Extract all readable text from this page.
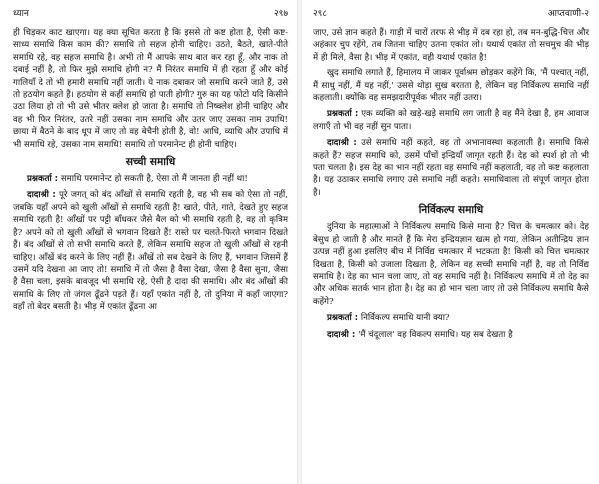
ध्यान	२९७

ही चिड़कर काट खाएगा। यह क्या सूचित करता है कि इससे तो कष्ट होता है, ऐसी कष्ट-साध्य समाधि किस काम की? समाधि तो सहज होनी चाहिए। उठते, बैठते, खाते-पीते समाधि रहे, वह सहज समाधि है। अभी तो मैं आपके साथ बात कर रहा हूँ, और नाक तो दबाई नहीं है, तो फिर मुझे समाधि होगी न? मैं निरंतर समाधि में ही रहता हूँ और कोई गालियाँ दे तो भी हमारी समाधि नहीं जाती। ये नाक दबाकर जो समाधि करने जाते हैं, उसे तो हठयोग कहते हैं। हठयोग से कहीं समाधि हो पाती होगी? गुरु का यह फोटो यदि किसीने उठा लिया हो तो भी उसे भीतर क्लेश हो जाता है। समाधि तो निष्क्लेश होनी चाहिए और वह भी फिर निरंतर, उतरे नहीं उसका नाम समाधि और उतर जाए उसका नाम उपाधि! छाया में बैठने के बाद धूप में जाए तो वह बेचैनी होती है, वो! आधि, व्याधि और उपाधि में भी समाधि रहे, उसका नाम समाधि! समाधि तो परमानेन्ट ही होनी चाहिए।

सच्ची समाधि

प्रश्नकर्ता : समाधि परमानेन्ट हो सकती है, ऐसा तो मैं जानता ही नहीं था!

दादाश्री : पूरे जगत् को बंद आँखों से समाधि रहती है, वह भी सब को ऐसा तो नहीं, जबकि यहाँ अपने को खुली आँखों से समाधि रहती है! खाते, पीते, गाते, देखते हुए सहज समाधि रहती है! आँखों पर पट्टी बाँधकर जैसे बैल को भी समाधि रहती है, वह तो कृत्रिम है? अपने को तो खुली आँखों से भगवान दिखते हैं! रास्ते पर चलते-फिरते भगवान दिखते हैं। बंद आँखों से तो सभी समाधि करते हैं, लेकिन समाधि सहज तो खुली आँखों से रहनी चाहिए। आँखें बंद करने के लिए नहीं हैं। आँखें तो सब देखने के लिए हैं, भगवान जिसमें हैं उसमें यदि देखना आ जाए तो! समाधि में तो जैसा है वैसा देखा, जैसा है वैसा सुना, जैसा है वैसा चला, इसके बावजूद भी समाधि रहे, ऐसी है दादा की समाधि। और बंद आँखों की समाधि के लिए तो जंगल ढूँढने पड़ते हैं। यहाँ एकांत नहीं है, तो दुनिया में कहाँ जाएगा? वहाँ तो बेदर बसती है। भीड़ में एकांत ढूँढना आ

२९८	आप्तवाणी-२

जाए, उसे ज्ञान कहते हैं। गाड़ी में चारों तरफ से भीड़ में दब रहा हो, तब मन-बुद्धि-चित्त और अहंकार चुप रहेंगे, तब जितना चाहिए उतना एकांत लो। यथार्थ एकांत तो सचमुच की भीड़ में ही मिले, वैसा है। भीड़ में एकांत, वही यथार्थ एकांत है!

खुद समाधि लगाते हैं, हिमालय में जाकर पूर्वाश्रम छोड़कर कहेंगे कि, 'मैं पश्चात् नहीं, मैं साधु नहीं, मैं यह नहीं,' उससे थोड़ा सुख बरतता है, लेकिन वह निर्विकल्प समाधि नहीं कहलाती। क्योंकि वह समझदारीपूर्वक भीतर नहीं उतरा।

प्रश्नकर्ता : एक व्यक्ति को खड़े-खड़े समाधि लग जाती है वह मैंने देखा है, हम आवाज लगाएँ तो भी वह नहीं सुन पाता।

दादाश्री : उसे समाधि नहीं कहते, वह तो अभानावस्था कहलाती है। समाधि किसे कहते हैं? सहज समाधि को, उसमें पाँचों इन्द्रियाँ जागृत रहती हैं। देह को स्पर्श हो तो भी पता चलता है। इस देह का भान नहीं रहता वह समाधि नहीं कहलाती, वह तो कष्ट कहलाता है। यह उठाकर समाधि लगाए उसे समाधि नहीं कहते। समाधिवाला तो संपूर्ण जागृत होता है।

निर्विकल्प समाधि

दुनिया के महात्माओं ने निर्विकल्प समाधि किसे माना है? चित्त के चमत्कार को। देह बेसुध हो जाती है और मानते हैं कि मेरा इन्द्रियज्ञान खत्म हो गया, लेकिन अतीन्द्रिय ज्ञान उत्पन्न नहीं हुआ इसलिए बीच में निर्विद्य चमत्कार में भटकता है! किसी को चित्त चमत्कार दिखता है, किसी को उजाला दिखता है, लेकिन वह सच्ची समाधि नहीं है, वह तो निर्विद्य समाधि है। देह का भान चला जाए, तो वह समाधि नहीं है। निर्विकल्प समाधि में तो देह का और अधिक सतर्क भान होता है। देह का हो भान चला जाए तो उसे निर्विकल्प समाधि कैसे कहेंगे?

प्रश्नकर्ता : निर्विकल्प समाधि यानी क्या?

दादाश्री : 'मैं चंदूलाल' वह विकल्प समाधि। यह सब देखता है
